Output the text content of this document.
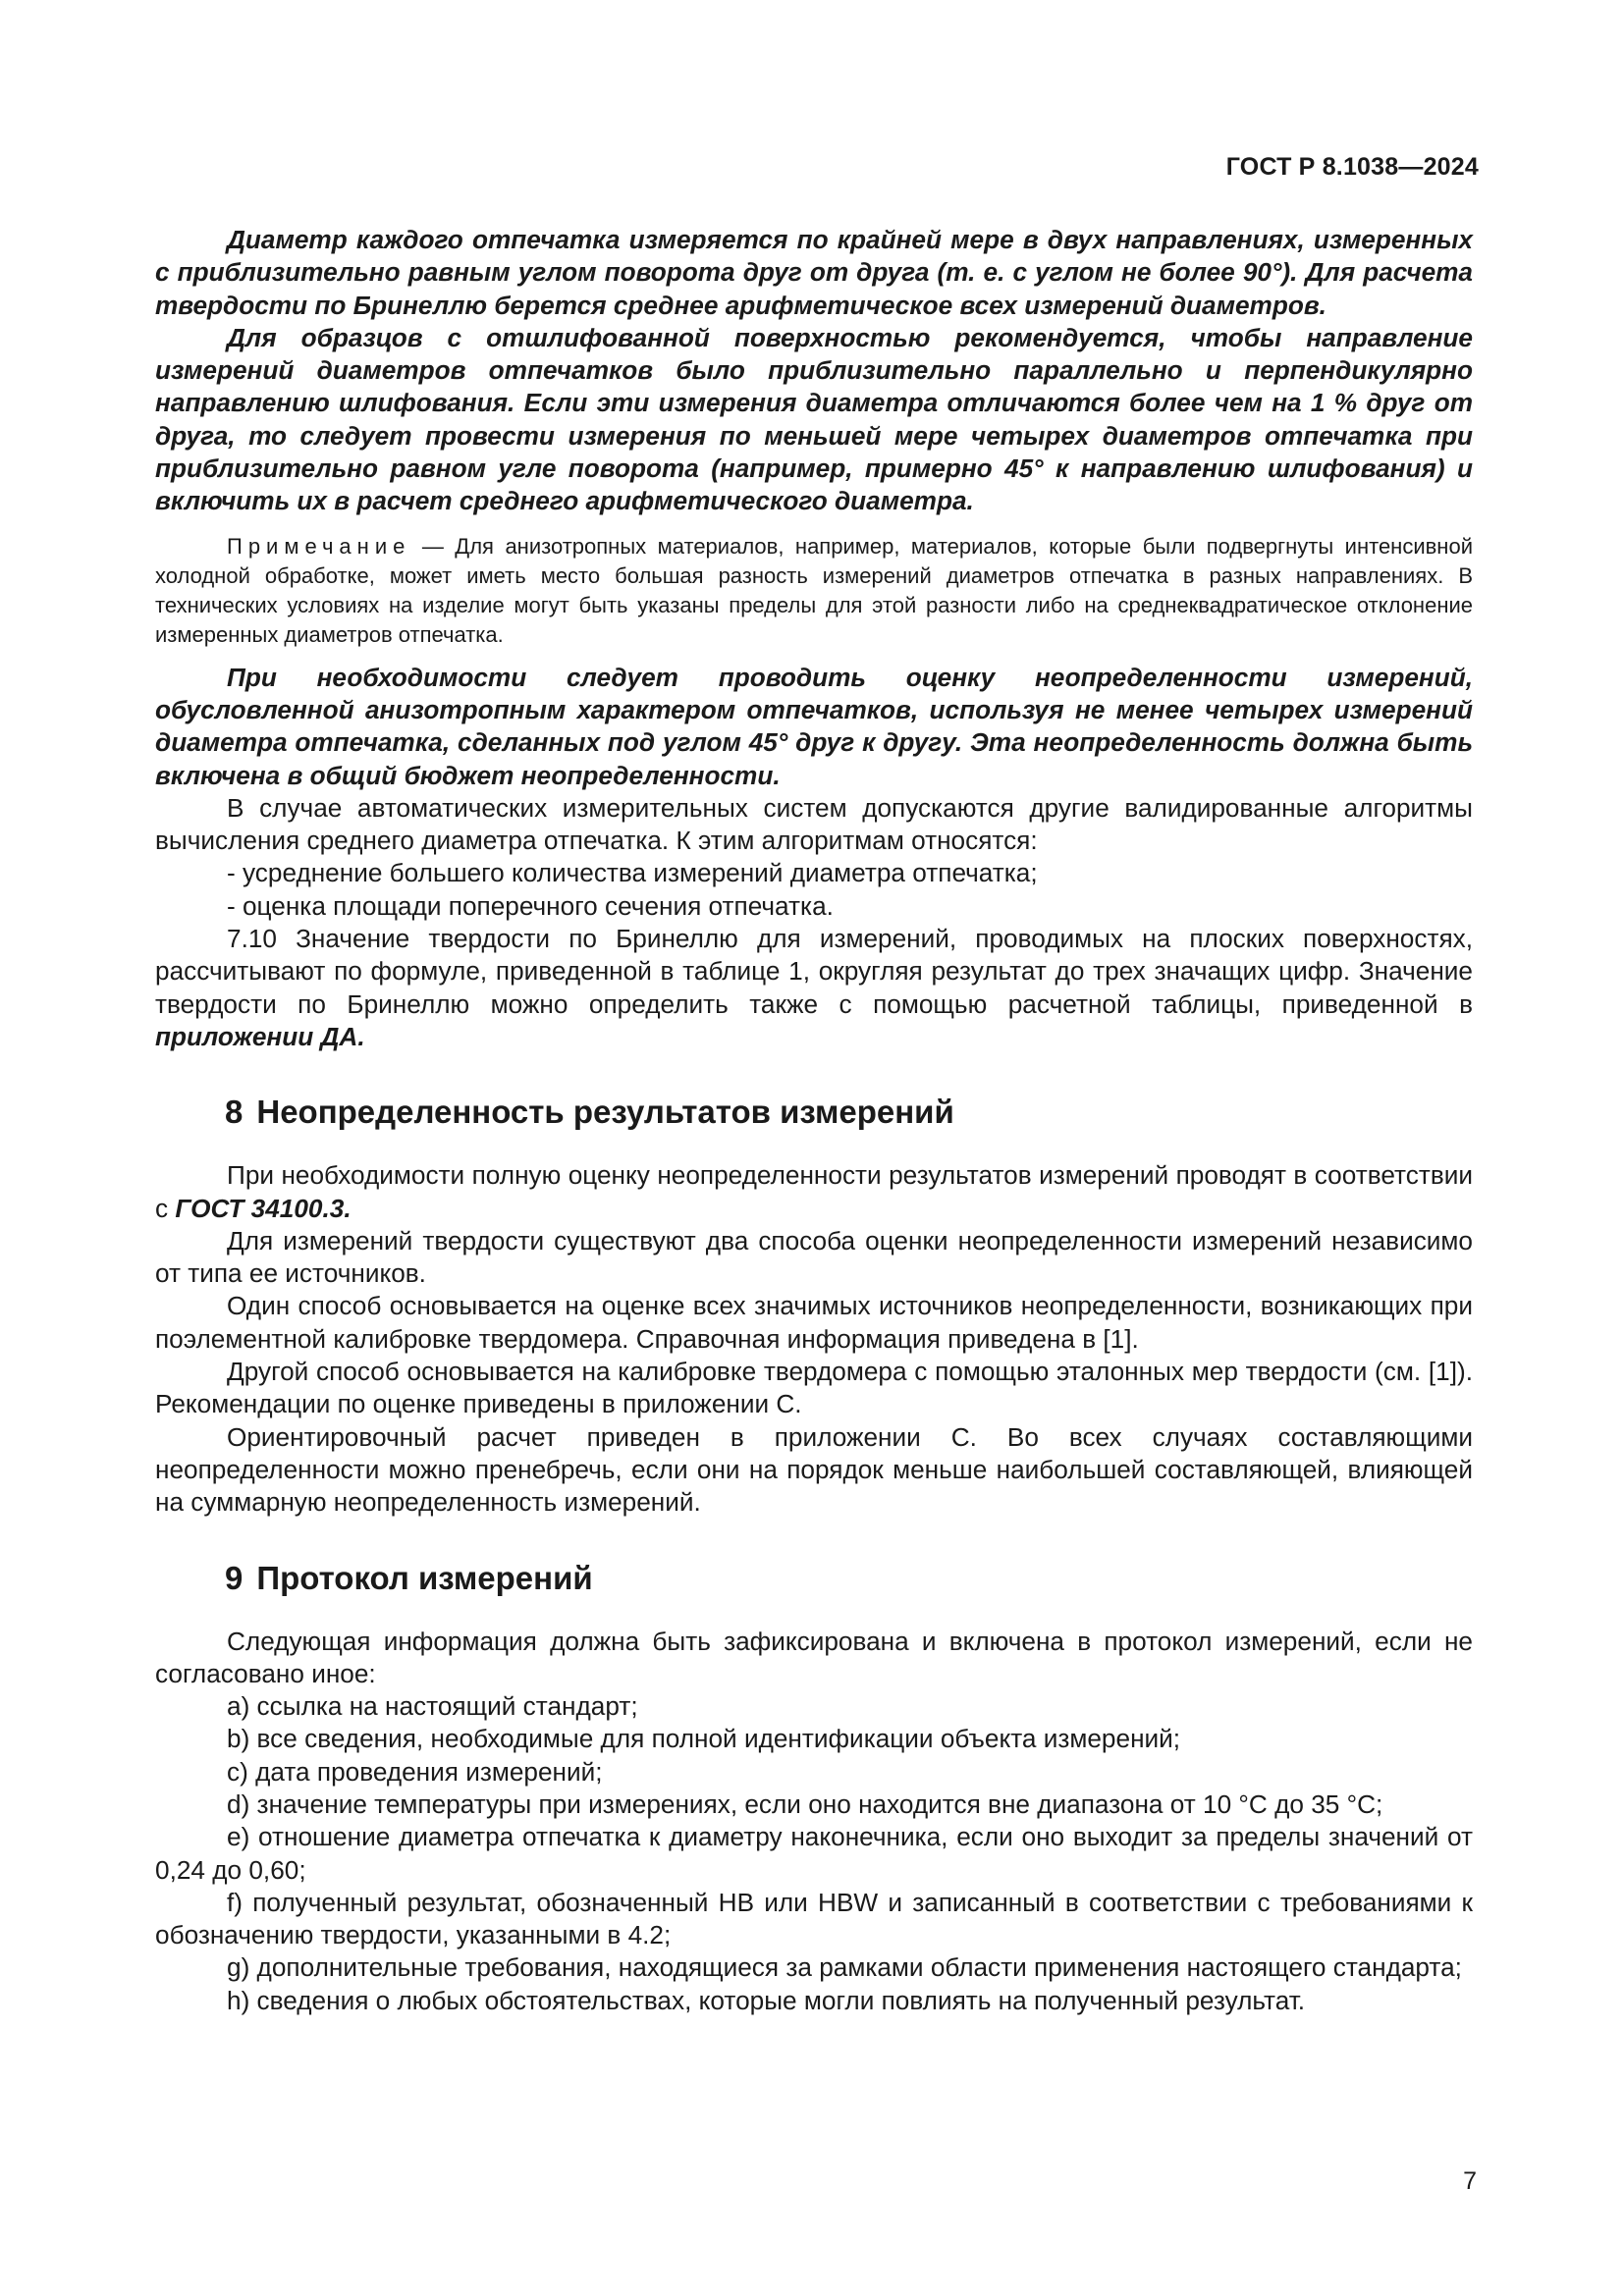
ГОСТ Р 8.1038—2024

Диаметр каждого отпечатка измеряется по крайней мере в двух направлениях, измеренных с приблизительно равным углом поворота друг от друга (т. е. с углом не более 90°). Для расчета твердости по Бринеллю берется среднее арифметическое всех измерений диаметров.

Для образцов с отшлифованной поверхностью рекомендуется, чтобы направление измерений диаметров отпечатков было приблизительно параллельно и перпендикулярно направлению шлифования. Если эти измерения диаметра отличаются более чем на 1 % друг от друга, то следует провести измерения по меньшей мере четырех диаметров отпечатка при приблизительно равном угле поворота (например, примерно 45° к направлению шлифования) и включить их в расчет среднего арифметического диаметра.

Примечание — Для анизотропных материалов, например, материалов, которые были подвергнуты интенсивной холодной обработке, может иметь место большая разность измерений диаметров отпечатка в разных направлениях. В технических условиях на изделие могут быть указаны пределы для этой разности либо на среднеквадратическое отклонение измеренных диаметров отпечатка.

При необходимости следует проводить оценку неопределенности измерений, обусловленной анизотропным характером отпечатков, используя не менее четырех измерений диаметра отпечатка, сделанных под углом 45° друг к другу. Эта неопределенность должна быть включена в общий бюджет неопределенности.

В случае автоматических измерительных систем допускаются другие валидированные алгоритмы вычисления среднего диаметра отпечатка. К этим алгоритмам относятся:

- усреднение большего количества измерений диаметра отпечатка;

- оценка площади поперечного сечения отпечатка.

7.10 Значение твердости по Бринеллю для измерений, проводимых на плоских поверхностях, рассчитывают по формуле, приведенной в таблице 1, округляя результат до трех значащих цифр. Значение твердости по Бринеллю можно определить также с помощью расчетной таблицы, приведенной в приложении ДА.

8 Неопределенность результатов измерений

При необходимости полную оценку неопределенности результатов измерений проводят в соответствии с ГОСТ 34100.3.

Для измерений твердости существуют два способа оценки неопределенности измерений независимо от типа ее источников.

Один способ основывается на оценке всех значимых источников неопределенности, возникающих при поэлементной калибровке твердомера. Справочная информация приведена в [1].

Другой способ основывается на калибровке твердомера с помощью эталонных мер твердости (см. [1]). Рекомендации по оценке приведены в приложении С.

Ориентировочный расчет приведен в приложении С. Во всех случаях составляющими неопределенности можно пренебречь, если они на порядок меньше наибольшей составляющей, влияющей на суммарную неопределенность измерений.

9 Протокол измерений

Следующая информация должна быть зафиксирована и включена в протокол измерений, если не согласовано иное:

a) ссылка на настоящий стандарт;

b) все сведения, необходимые для полной идентификации объекта измерений;

c) дата проведения измерений;

d) значение температуры при измерениях, если оно находится вне диапазона от 10 °С до 35 °С;

e) отношение диаметра отпечатка к диаметру наконечника, если оно выходит за пределы значений от 0,24 до 0,60;

f) полученный результат, обозначенный НВ или HBW и записанный в соответствии с требованиями к обозначению твердости, указанными в 4.2;

g) дополнительные требования, находящиеся за рамками области применения настоящего стандарта;

h) сведения о любых обстоятельствах, которые могли повлиять на полученный результат.

7
